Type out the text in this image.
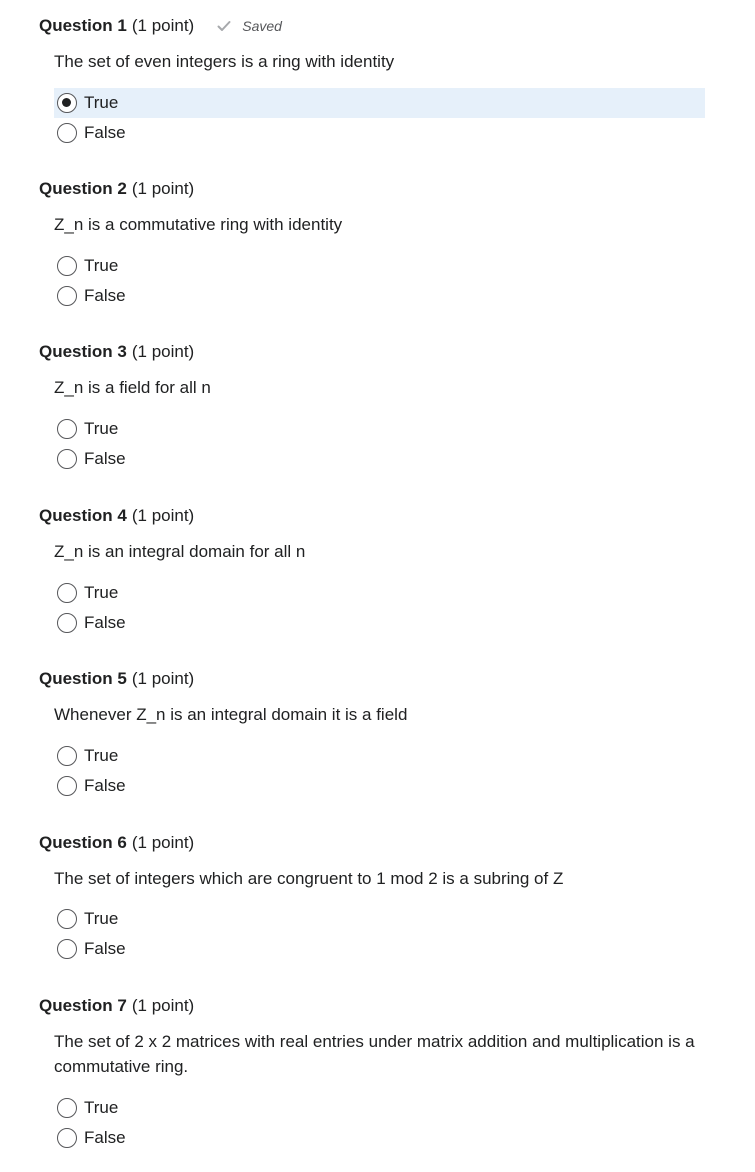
Question 1 (1 point)	Saved
The set of even integers is a ring with identity
True
False
Question 2 (1 point)
Z_n is a commutative ring with identity
True
False
Question 3 (1 point)
Z_n is a field for all n
True
False
Question 4 (1 point)
Z_n is an integral domain for all n
True
False
Question 5 (1 point)
Whenever Z_n is an integral domain it is a field
True
False
Question 6 (1 point)
The set of integers which are congruent to 1 mod 2 is a subring of Z
True
False
Question 7 (1 point)
The set of 2 x 2 matrices with real entries under matrix addition and multiplication is a commutative ring.
True
False
